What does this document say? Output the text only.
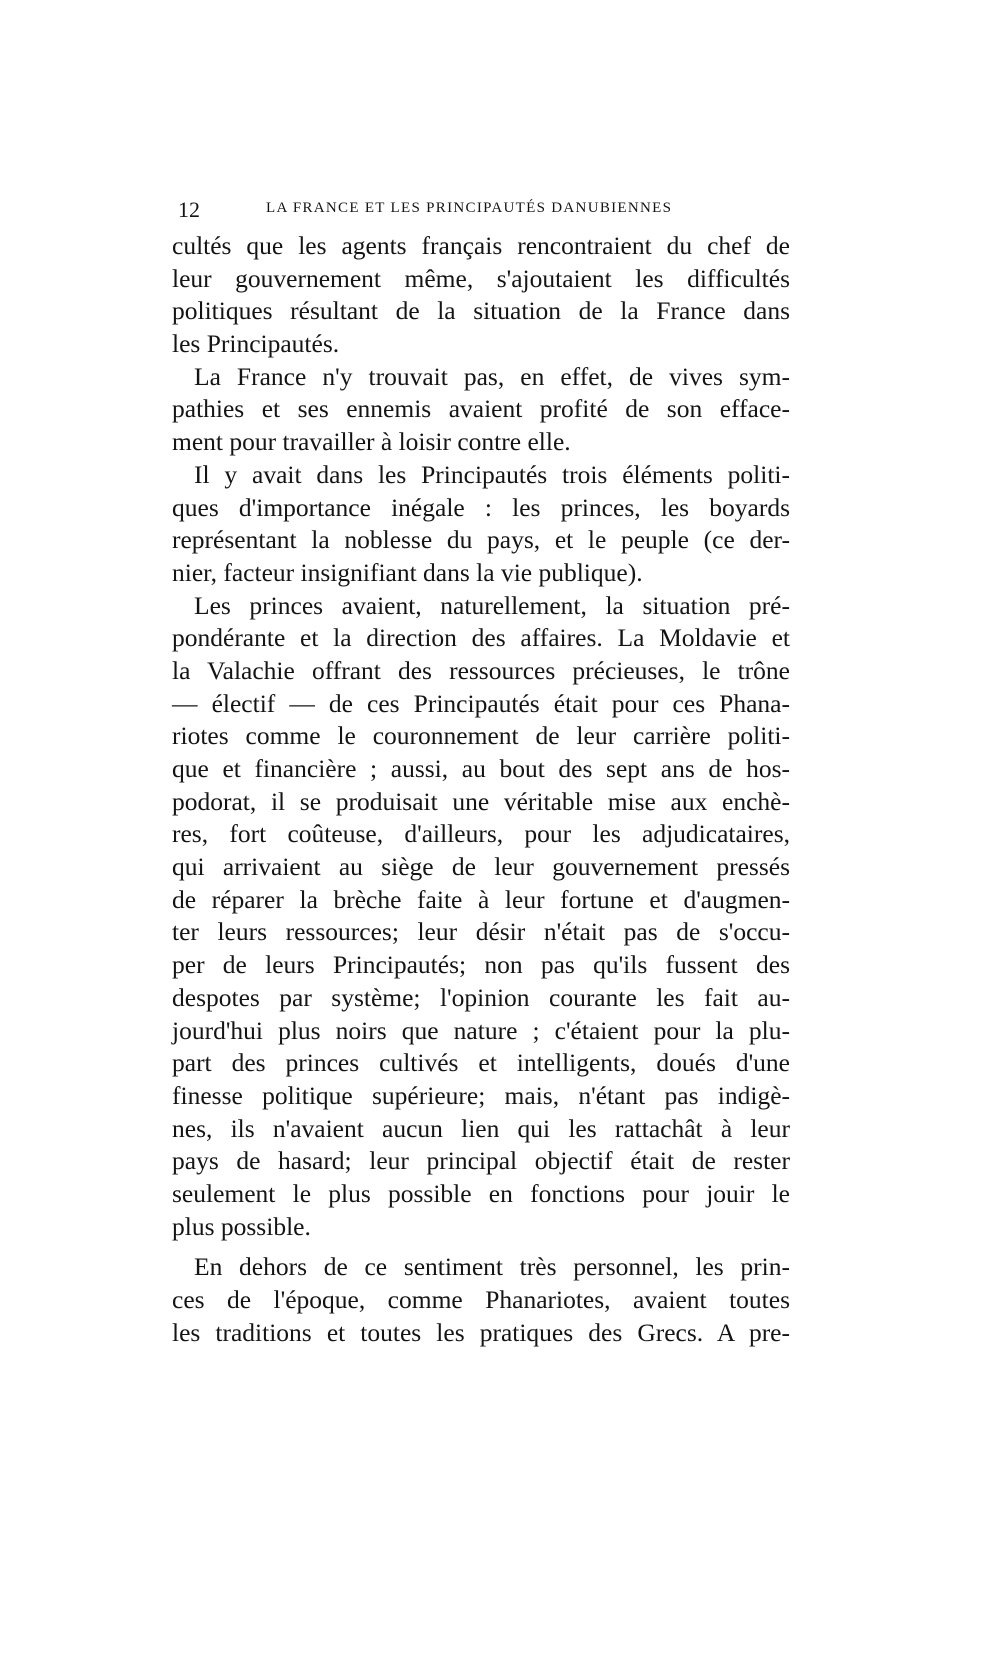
12	LA FRANCE ET LES PRINCIPAUTÉS DANUBIENNES
cultés que les agents français rencontraient du chef de
leur gouvernement même, s'ajoutaient les difficultés
politiques résultant de la situation de la France dans
les Principautés.
La France n'y trouvait pas, en effet, de vives sym-
pathies et ses ennemis avaient profité de son efface-
ment pour travailler à loisir contre elle.
Il y avait dans les Principautés trois éléments politi-
ques d'importance inégale : les princes, les boyards
représentant la noblesse du pays, et le peuple (ce der-
nier, facteur insignifiant dans la vie publique).
Les princes avaient, naturellement, la situation pré-
pondérante et la direction des affaires. La Moldavie et
la Valachie offrant des ressources précieuses, le trône
— électif — de ces Principautés était pour ces Phana-
riotes comme le couronnement de leur carrière politi-
que et financière ; aussi, au bout des sept ans de hos-
podorat, il se produisait une véritable mise aux enchè-
res, fort coûteuse, d'ailleurs, pour les adjudicataires,
qui arrivaient au siège de leur gouvernement pressés
de réparer la brèche faite à leur fortune et d'augmen-
ter leurs ressources; leur désir n'était pas de s'occu-
per de leurs Principautés; non pas qu'ils fussent des
despotes par système; l'opinion courante les fait au-
jourd'hui plus noirs que nature ; c'étaient pour la plu-
part des princes cultivés et intelligents, doués d'une
finesse politique supérieure; mais, n'étant pas indigè-
nes, ils n'avaient aucun lien qui les rattachât à leur
pays de hasard; leur principal objectif était de rester
seulement le plus possible en fonctions pour jouir le
plus possible.
En dehors de ce sentiment très personnel, les prin-
ces de l'époque, comme Phanariotes, avaient toutes
les traditions et toutes les pratiques des Grecs. A pre-
